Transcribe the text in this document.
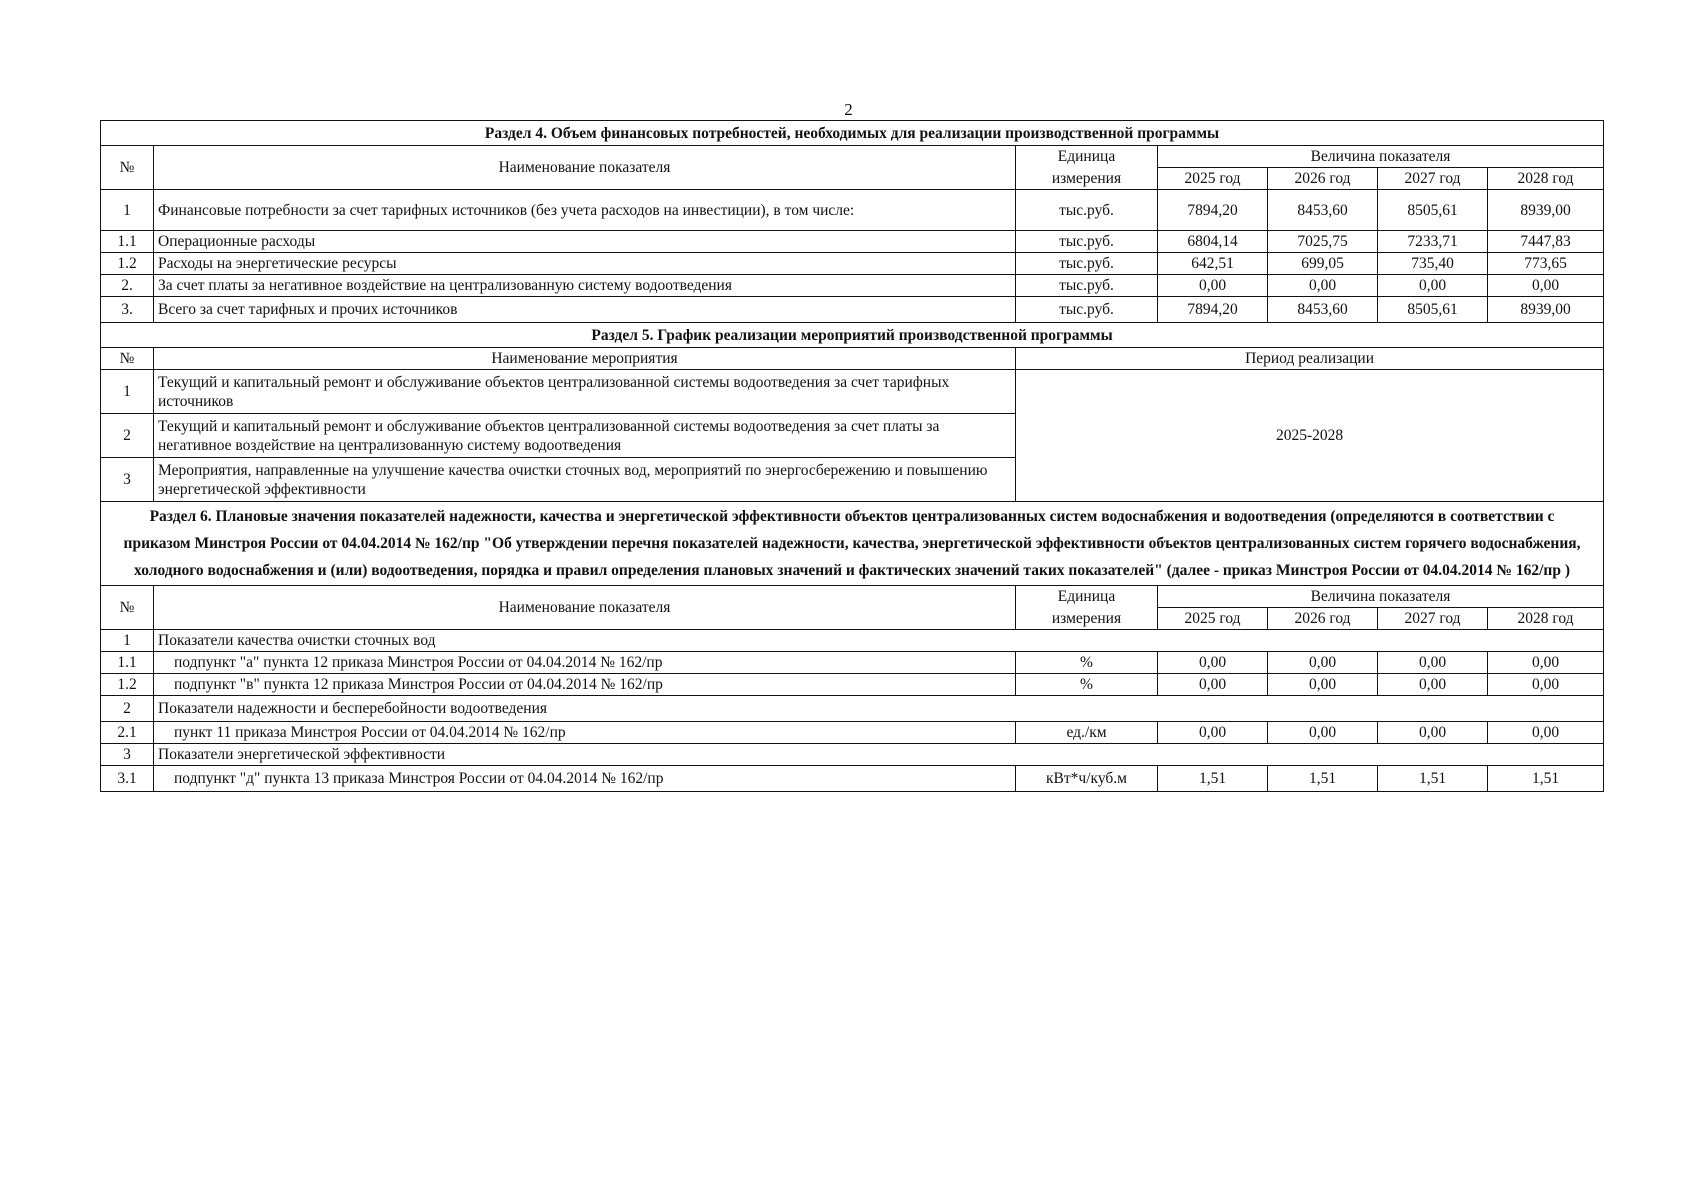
2
Раздел 4. Объем финансовых потребностей, необходимых для реализации производственной программы						
№	Наименование показателя	Единица	Величина показателя			
		измерения	2025 год	2026 год	2027 год	2028 год
1	Финансовые потребности за счет тарифных источников (без учета расходов на инвестиции), в том числе:	тыс.руб.	7894,20	8453,60	8505,61	8939,00
1.1	Операционные расходы	тыс.руб.	6804,14	7025,75	7233,71	7447,83
1.2	Расходы на энергетические ресурсы	тыс.руб.	642,51	699,05	735,40	773,65
2.	За счет платы за негативное воздействие на централизованную систему водоотведения	тыс.руб.	0,00	0,00	0,00	0,00
3.	Всего за счет тарифных и прочих источников	тыс.руб.	7894,20	8453,60	8505,61	8939,00
Раздел 5. График реализации мероприятий производственной программы						
№	Наименование мероприятия	Период реализации				
1	Текущий и капитальный ремонт и обслуживание объектов централизованной системы водоотведения за счет тарифных источников	2025-2028				
2	Текущий и капитальный ремонт и обслуживание объектов централизованной системы водоотведения за счет платы за негативное воздействие на централизованную систему водоотведения					
3	Мероприятия, направленные на улучшение качества очистки сточных вод, мероприятий по энергосбережению и повышению энергетической эффективности					
Раздел 6. Плановые значения показателей надежности, качества и энергетической эффективности объектов централизованных систем водоснабжения и водоотведения (определяются в соответствии с приказом Минстроя России от 04.04.2014 № 162/пр "Об утверждении перечня показателей надежности, качества, энергетической эффективности объектов централизованных систем горячего водоснабжения, холодного водоснабжения и (или) водоотведения, порядка и правил определения плановых значений и фактических значений таких показателей" (далее - приказ Минстроя России от 04.04.2014 № 162/пр )						
№	Наименование показателя	Единица	Величина показателя			
		измерения	2025 год	2026 год	2027 год	2028 год
1	Показатели качества очистки сточных вод					
1.1	подпункт "а" пункта 12 приказа Минстроя России от 04.04.2014 № 162/пр	%	0,00	0,00	0,00	0,00
1.2	подпункт "в" пункта 12 приказа Минстроя России от 04.04.2014 № 162/пр	%	0,00	0,00	0,00	0,00
2	Показатели надежности и бесперебойности водоотведения					
2.1	пункт 11 приказа Минстроя России от 04.04.2014 № 162/пр	ед./км	0,00	0,00	0,00	0,00
3	Показатели энергетической эффективности					
3.1	подпункт "д" пункта 13 приказа Минстроя России от 04.04.2014 № 162/пр	кВт*ч/куб.м	1,51	1,51	1,51	1,51
